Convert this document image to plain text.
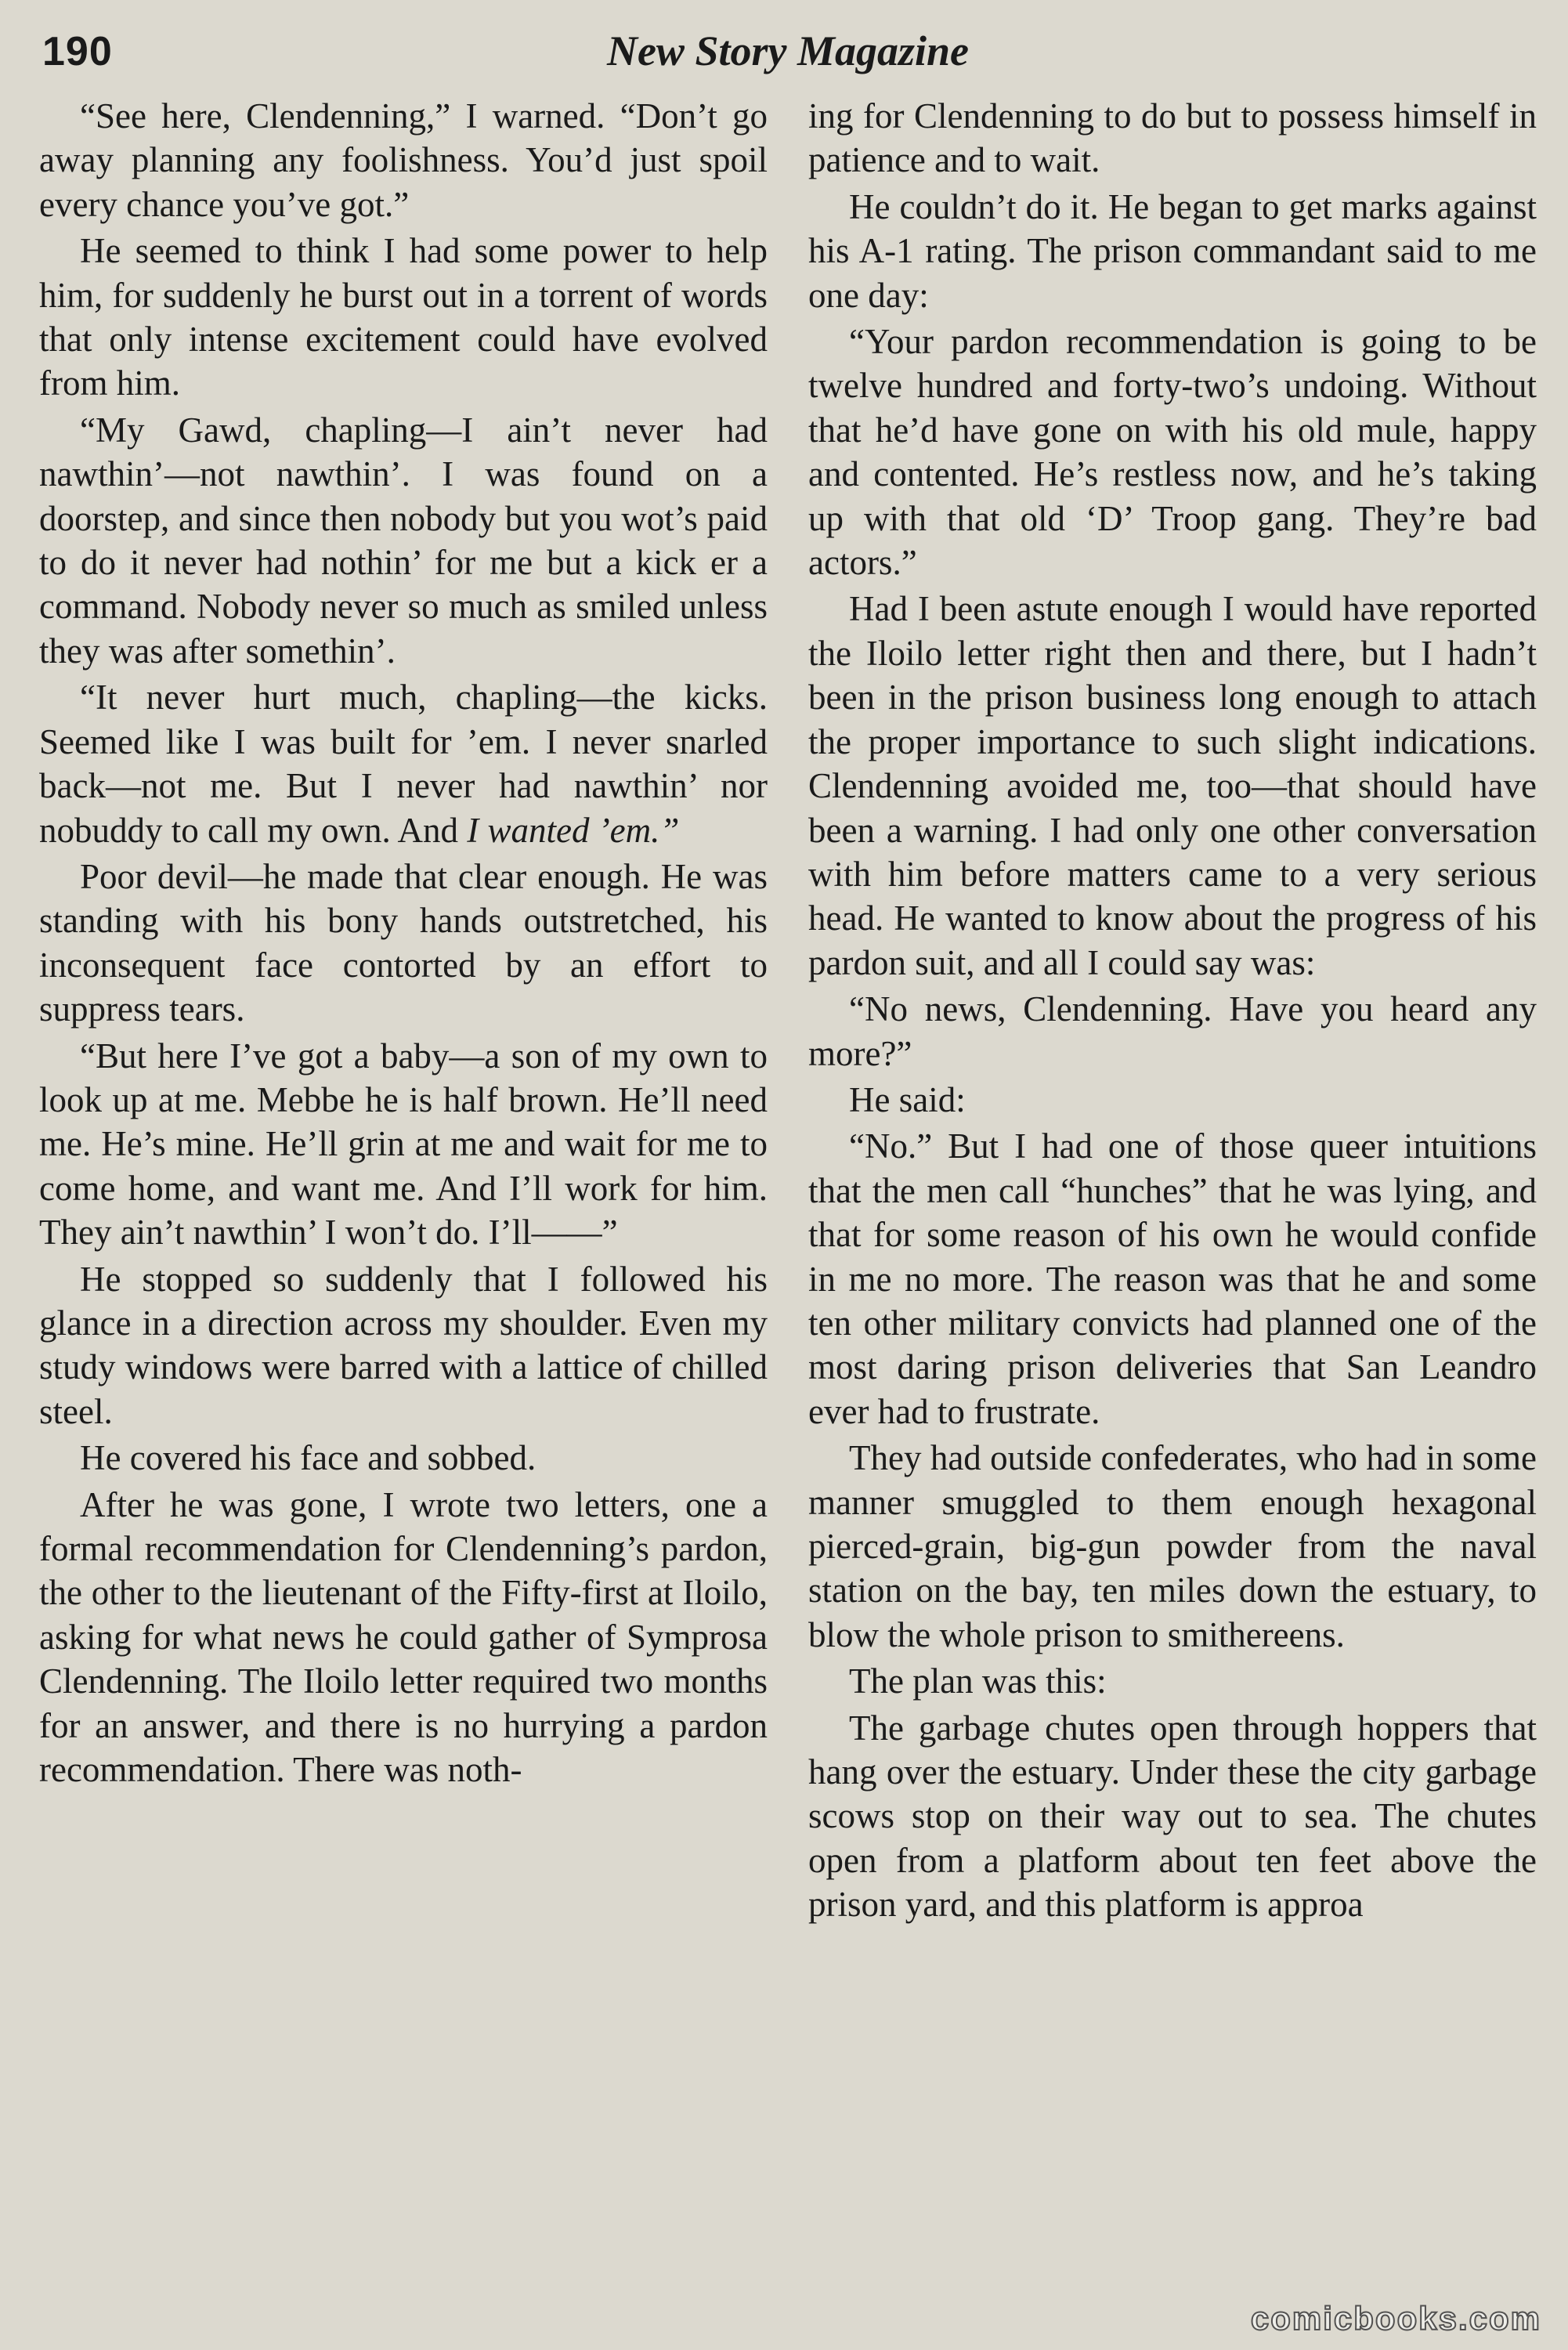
190	New Story Magazine

“See here, Clendenning,” I warned. “Don’t go away planning any foolishness. You’d just spoil every chance you’ve got.”

He seemed to think I had some power to help him, for suddenly he burst out in a torrent of words that only intense excitement could have evolved from him.

“My Gawd, chapling—I ain’t never had nawthin’—not nawthin’. I was found on a doorstep, and since then nobody but you wot’s paid to do it never had nothin’ for me but a kick er a command. Nobody never so much as smiled unless they was after somethin’.

“It never hurt much, chapling—the kicks. Seemed like I was built for ’em. I never snarled back—not me. But I never had nawthin’ nor nobuddy to call my own. And I wanted ’em.”

Poor devil—he made that clear enough. He was standing with his bony hands outstretched, his inconsequent face contorted by an effort to suppress tears.

“But here I’ve got a baby—a son of my own to look up at me. Mebbe he is half brown. He’ll need me. He’s mine. He’ll grin at me and wait for me to come home, and want me. And I’ll work for him. They ain’t nawthin’ I won’t do. I’ll——”

He stopped so suddenly that I followed his glance in a direction across my shoulder. Even my study windows were barred with a lattice of chilled steel.

He covered his face and sobbed.

After he was gone, I wrote two letters, one a formal recommendation for Clendenning’s pardon, the other to the lieutenant of the Fifty-first at Iloilo, asking for what news he could gather of Symprosa Clendenning. The Iloilo letter required two months for an answer, and there is no hurrying a pardon recommendation. There was noth-

ing for Clendenning to do but to possess himself in patience and to wait.

He couldn’t do it. He began to get marks against his A-1 rating. The prison commandant said to me one day:

“Your pardon recommendation is going to be twelve hundred and forty-two’s undoing. Without that he’d have gone on with his old mule, happy and contented. He’s restless now, and he’s taking up with that old ‘D’ Troop gang. They’re bad actors.”

Had I been astute enough I would have reported the Iloilo letter right then and there, but I hadn’t been in the prison business long enough to attach the proper importance to such slight indications. Clendenning avoided me, too—that should have been a warning. I had only one other conversation with him before matters came to a very serious head. He wanted to know about the progress of his pardon suit, and all I could say was:

“No news, Clendenning. Have you heard any more?”

He said:

“No.” But I had one of those queer intuitions that the men call “hunches” that he was lying, and that for some reason of his own he would confide in me no more. The reason was that he and some ten other military convicts had planned one of the most daring prison deliveries that San Leandro ever had to frustrate.

They had outside confederates, who had in some manner smuggled to them enough hexagonal pierced-grain, big-gun powder from the naval station on the bay, ten miles down the estuary, to blow the whole prison to smithereens.

The plan was this:

The garbage chutes open through hoppers that hang over the estuary. Under these the city garbage scows stop on their way out to sea. The chutes open from a platform about ten feet above the prison yard, and this platform is approa

comicbooks.com
